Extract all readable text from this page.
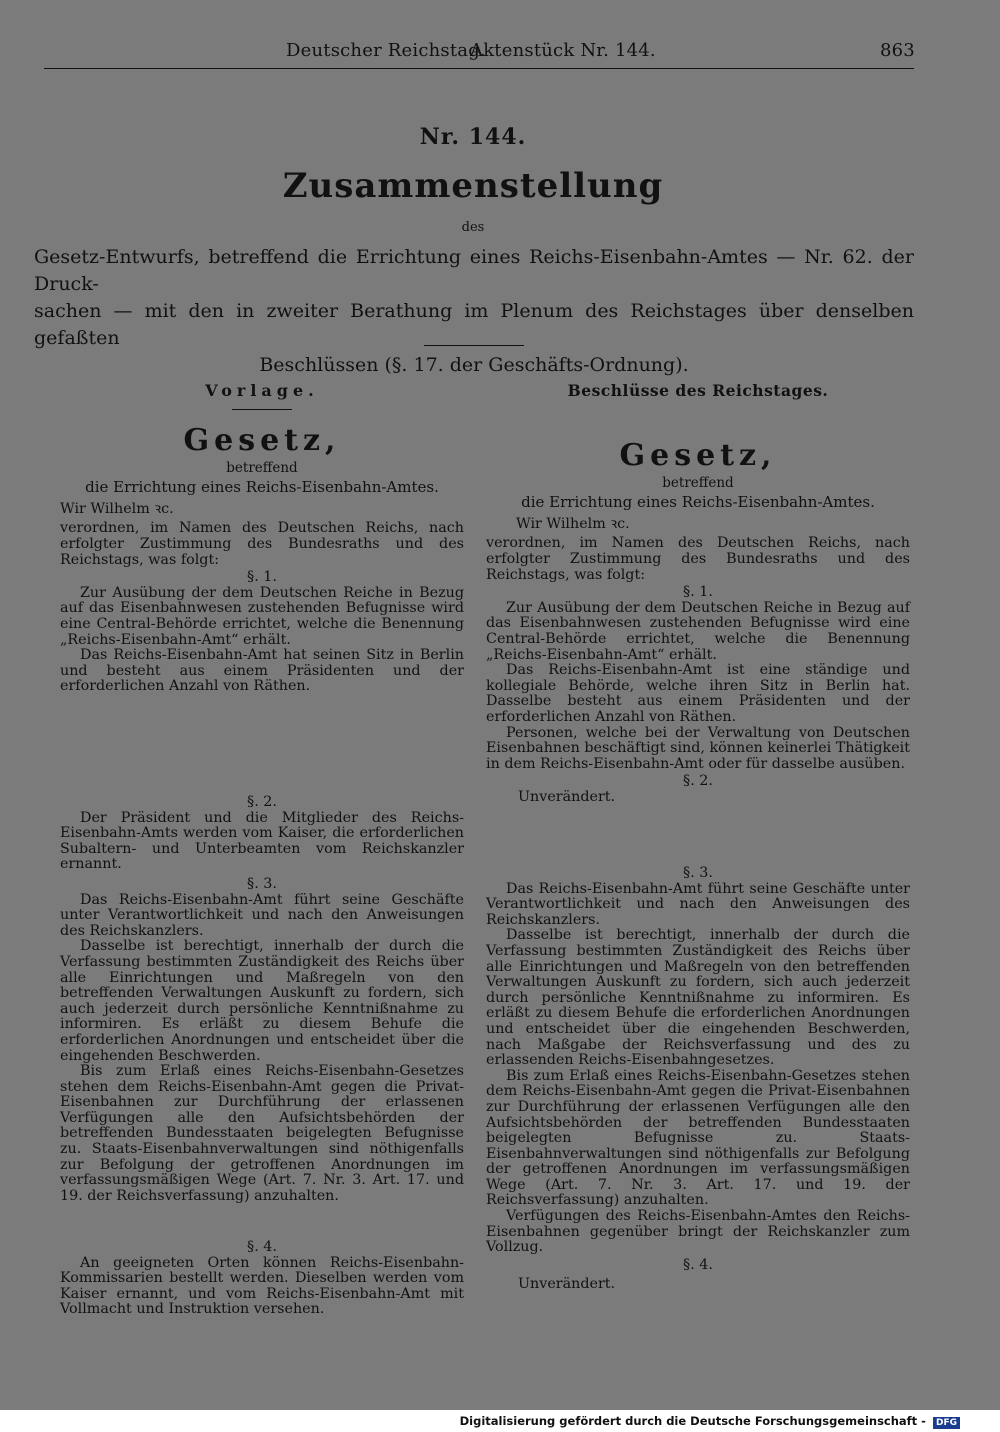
Deutscher Reichstag.
Aktenstück Nr. 144.	863
Nr. 144.
Zusammenstellung
des
Gesetz-Entwurfs, betreffend die Errichtung eines Reichs-Eisenbahn-Amtes — Nr. 62. der Druck-
sachen — mit den in zweiter Berathung im Plenum des Reichstages über denselben gefaßten
Beschlüssen (§. 17. der Geschäfts-Ordnung).
Vorlage.
Gesetz,
betreffend
die Errichtung eines Reichs-Eisenbahn-Amtes.
Wir Wilhelm ꝛc.

verordnen, im Namen des Deutschen Reichs, nach erfolgter Zustimmung des Bundesraths und des Reichstags, was folgt:

§. 1.

Zur Ausübung der dem Deutschen Reiche in Bezug auf das Eisenbahnwesen zustehenden Befugnisse wird eine Central-Behörde errichtet, welche die Benennung „Reichs-Eisenbahn-Amt“ erhält.

Das Reichs-Eisenbahn-Amt hat seinen Sitz in Berlin und besteht aus einem Präsidenten und der erforderlichen Anzahl von Räthen.

§. 2.

Der Präsident und die Mitglieder des Reichs-Eisenbahn-Amts werden vom Kaiser, die erforderlichen Subaltern- und Unterbeamten vom Reichskanzler ernannt.

§. 3.

Das Reichs-Eisenbahn-Amt führt seine Geschäfte unter Verantwortlichkeit und nach den Anweisungen des Reichskanzlers.

Dasselbe ist berechtigt, innerhalb der durch die Verfassung bestimmten Zuständigkeit des Reichs über alle Einrichtungen und Maßregeln von den betreffenden Verwaltungen Auskunft zu fordern, sich auch jederzeit durch persönliche Kenntnißnahme zu informiren. Es erläßt zu diesem Behufe die erforderlichen Anordnungen und entscheidet über die eingehenden Beschwerden.

Bis zum Erlaß eines Reichs-Eisenbahn-Gesetzes stehen dem Reichs-Eisenbahn-Amt gegen die Privat-Eisenbahnen zur Durchführung der erlassenen Verfügungen alle den Aufsichtsbehörden der betreffenden Bundesstaaten beigelegten Befugnisse zu. Staats-Eisenbahnverwaltungen sind nöthigenfalls zur Befolgung der getroffenen Anordnungen im verfassungsmäßigen Wege (Art. 7. Nr. 3. Art. 17. und 19. der Reichsverfassung) anzuhalten.

§. 4.

An geeigneten Orten können Reichs-Eisenbahn-Kommissarien bestellt werden. Dieselben werden vom Kaiser ernannt, und vom Reichs-Eisenbahn-Amt mit Vollmacht und Instruktion versehen.

Beschlüsse des Reichstages.
Gesetz,
betreffend
die Errichtung eines Reichs-Eisenbahn-Amtes.
Wir Wilhelm ꝛc.

verordnen, im Namen des Deutschen Reichs, nach erfolgter Zustimmung des Bundesraths und des Reichstags, was folgt:

§. 1.

Zur Ausübung der dem Deutschen Reiche in Bezug auf das Eisenbahnwesen zustehenden Befugnisse wird eine Central-Behörde errichtet, welche die Benennung „Reichs-Eisenbahn-Amt“ erhält.

Das Reichs-Eisenbahn-Amt ist eine ständige und kollegiale Behörde, welche ihren Sitz in Berlin hat. Dasselbe besteht aus einem Präsidenten und der erforderlichen Anzahl von Räthen.

Personen, welche bei der Verwaltung von Deutschen Eisenbahnen beschäftigt sind, können keinerlei Thätigkeit in dem Reichs-Eisenbahn-Amt oder für dasselbe ausüben.

§. 2.

Unverändert.

§. 3.

Das Reichs-Eisenbahn-Amt führt seine Geschäfte unter Verantwortlichkeit und nach den Anweisungen des Reichskanzlers.

Dasselbe ist berechtigt, innerhalb der durch die Verfassung bestimmten Zuständigkeit des Reichs über alle Einrichtungen und Maßregeln von den betreffenden Verwaltungen Auskunft zu fordern, sich auch jederzeit durch persönliche Kenntnißnahme zu informiren. Es erläßt zu diesem Behufe die erforderlichen Anordnungen und entscheidet über die eingehenden Beschwerden, nach Maßgabe der Reichsverfassung und des zu erlassenden Reichs-Eisenbahngesetzes.

Bis zum Erlaß eines Reichs-Eisenbahn-Gesetzes stehen dem Reichs-Eisenbahn-Amt gegen die Privat-Eisenbahnen zur Durchführung der erlassenen Verfügungen alle den Aufsichtsbehörden der betreffenden Bundesstaaten beigelegten Befugnisse zu. Staats-Eisenbahnverwaltungen sind nöthigenfalls zur Befolgung der getroffenen Anordnungen im verfassungsmäßigen Wege (Art. 7. Nr. 3. Art. 17. und 19. der Reichsverfassung) anzuhalten.

Verfügungen des Reichs-Eisenbahn-Amtes den Reichs-Eisenbahnen gegenüber bringt der Reichskanzler zum Vollzug.

§. 4.

Unverändert.

Digitalisierung gefördert durch die Deutsche Forschungsgemeinschaft - DFG
